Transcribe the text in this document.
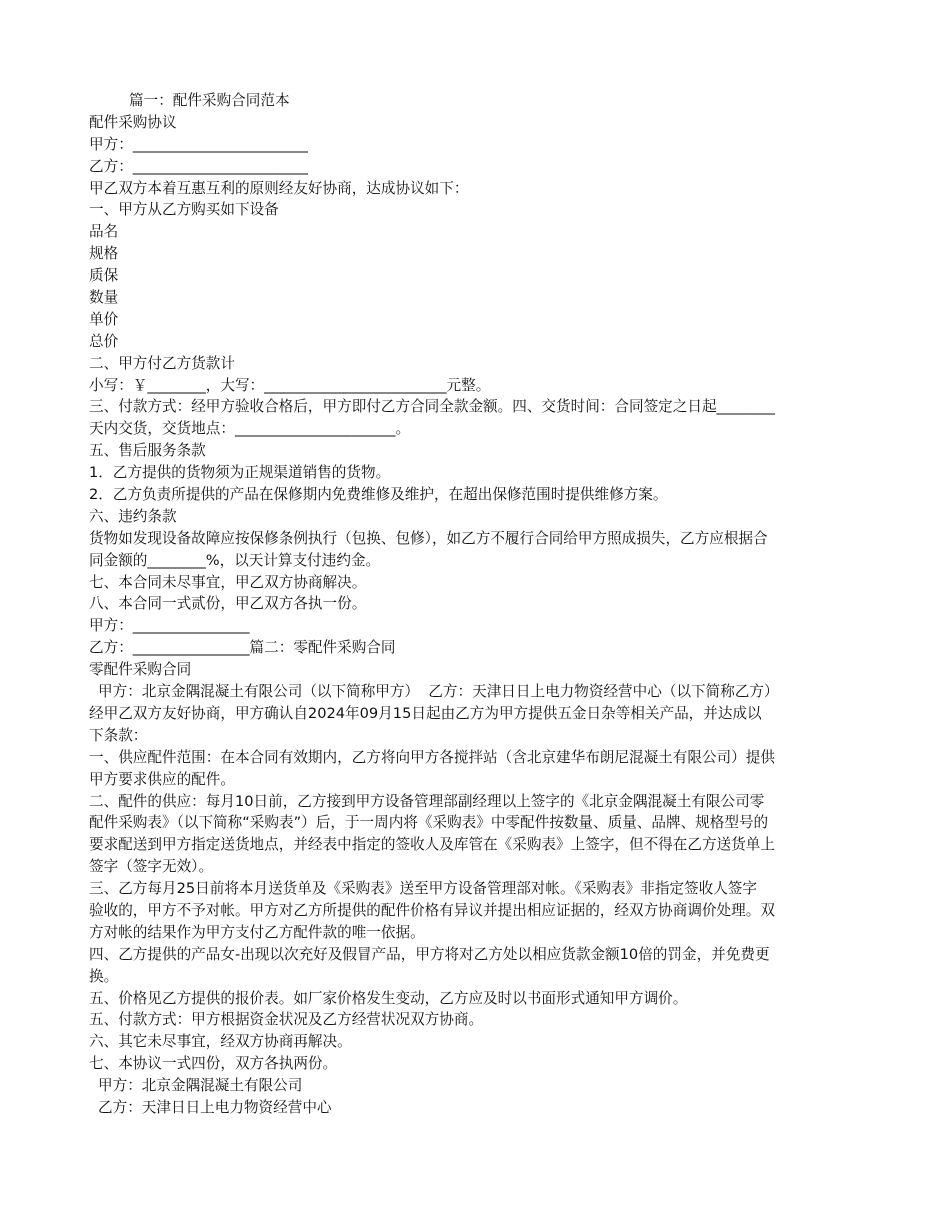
篇一：配件采购合同范本
配件采购协议
甲方：________________________
乙方：________________________
甲乙双方本着互惠互利的原则经友好协商，达成协议如下：
一、甲方从乙方购买如下设备
品名
规格
质保
数量
单价
总价
二、甲方付乙方货款计
小写：￥________，大写：_________________________元整。
三、付款方式：经甲方验收合格后，甲方即付乙方合同全款金额。四、交货时间：合同签定之日起________
天内交货，交货地点：______________________。
五、售后服务条款
1．乙方提供的货物须为正规渠道销售的货物。
2．乙方负责所提供的产品在保修期内免费维修及维护，在超出保修范围时提供维修方案。
六、违约条款
货物如发现设备故障应按保修条例执行（包换、包修），如乙方不履行合同给甲方照成损失，乙方应根据合
同金额的________%，以天计算支付违约金。
七、本合同未尽事宜，甲乙双方协商解决。
八、本合同一式贰份，甲乙双方各执一份。
甲方：________________
乙方：________________篇二：零配件采购合同
零配件采购合同
甲方：北京金隅混凝土有限公司（以下简称甲方）  乙方：天津日日上电力物资经营中心（以下简称乙方）
经甲乙双方友好协商，甲方确认自2024年09月15日起由乙方为甲方提供五金日杂等相关产品，并达成以
下条款：
一、供应配件范围：在本合同有效期内，乙方将向甲方各搅拌站（含北京建华布朗尼混凝土有限公司）提供
甲方要求供应的配件。
二、配件的供应：每月10日前，乙方接到甲方设备管理部副经理以上签字的《北京金隅混凝土有限公司零
配件采购表》（以下简称“采购表”）后，于一周内将《采购表》中零配件按数量、质量、品牌、规格型号的
要求配送到甲方指定送货地点，并经表中指定的签收人及库管在《采购表》上签字，但不得在乙方送货单上
签字（签字无效）。
三、乙方每月25日前将本月送货单及《采购表》送至甲方设备管理部对帐。《采购表》非指定签收人签字
验收的，甲方不予对帐。甲方对乙方所提供的配件价格有异议并提出相应证据的，经双方协商调价处理。双
方对帐的结果作为甲方支付乙方配件款的唯一依据。
四、乙方提供的产品女-出现以次充好及假冒产品，甲方将对乙方处以相应货款金额10倍的罚金，并免费更
换。
五、价格见乙方提供的报价表。如厂家价格发生变动，乙方应及时以书面形式通知甲方调价。
五、付款方式：甲方根据资金状况及乙方经营状况双方协商。
六、其它未尽事宜，经双方协商再解决。
七、本协议一式四份，双方各执两份。
甲方：北京金隅混凝土有限公司
乙方：天津日日上电力物资经营中心
